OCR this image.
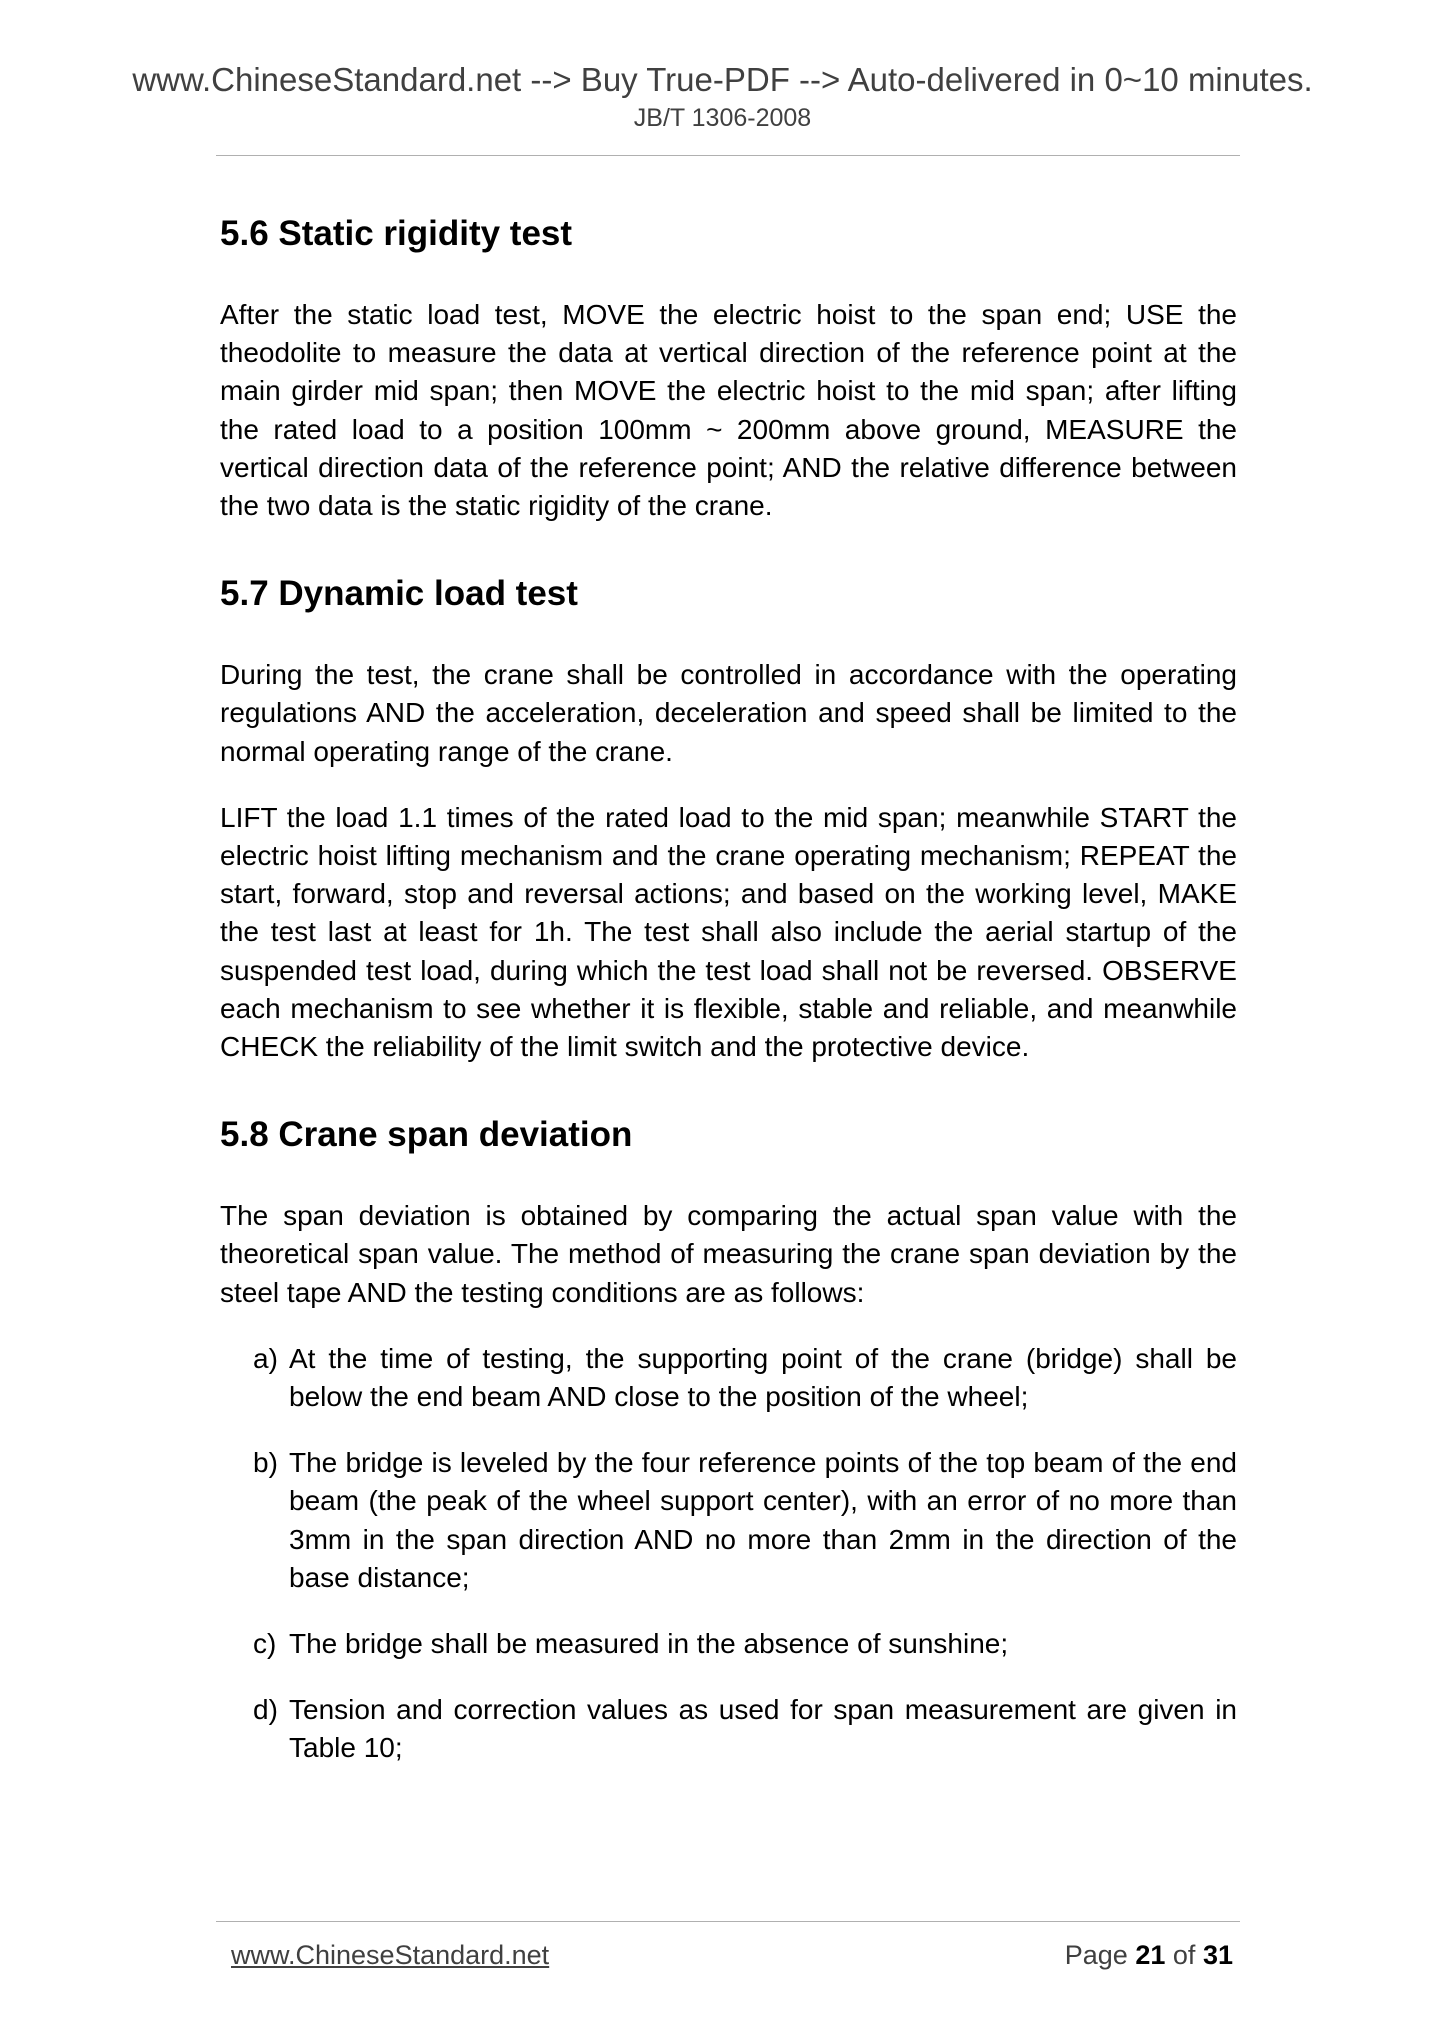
www.ChineseStandard.net --> Buy True-PDF --> Auto-delivered in 0~10 minutes.
JB/T 1306-2008
5.6 Static rigidity test

After the static load test, MOVE the electric hoist to the span end; USE the theodolite to measure the data at vertical direction of the reference point at the main girder mid span; then MOVE the electric hoist to the mid span; after lifting the rated load to a position 100mm ~ 200mm above ground, MEASURE the vertical direction data of the reference point; AND the relative difference between the two data is the static rigidity of the crane.

5.7 Dynamic load test

During the test, the crane shall be controlled in accordance with the operating regulations AND the acceleration, deceleration and speed shall be limited to the normal operating range of the crane.

LIFT the load 1.1 times of the rated load to the mid span; meanwhile START the electric hoist lifting mechanism and the crane operating mechanism; REPEAT the start, forward, stop and reversal actions; and based on the working level, MAKE the test last at least for 1h. The test shall also include the aerial startup of the suspended test load, during which the test load shall not be reversed. OBSERVE each mechanism to see whether it is flexible, stable and reliable, and meanwhile CHECK the reliability of the limit switch and the protective device.

5.8 Crane span deviation

The span deviation is obtained by comparing the actual span value with the theoretical span value. The method of measuring the crane span deviation by the steel tape AND the testing conditions are as follows:

a) At the time of testing, the supporting point of the crane (bridge) shall be below the end beam AND close to the position of the wheel;
b) The bridge is leveled by the four reference points of the top beam of the end beam (the peak of the wheel support center), with an error of no more than 3mm in the span direction AND no more than 2mm in the direction of the base distance;
c) The bridge shall be measured in the absence of sunshine;
d) Tension and correction values as used for span measurement are given in Table 10;
www.ChineseStandard.net	Page 21 of 31
